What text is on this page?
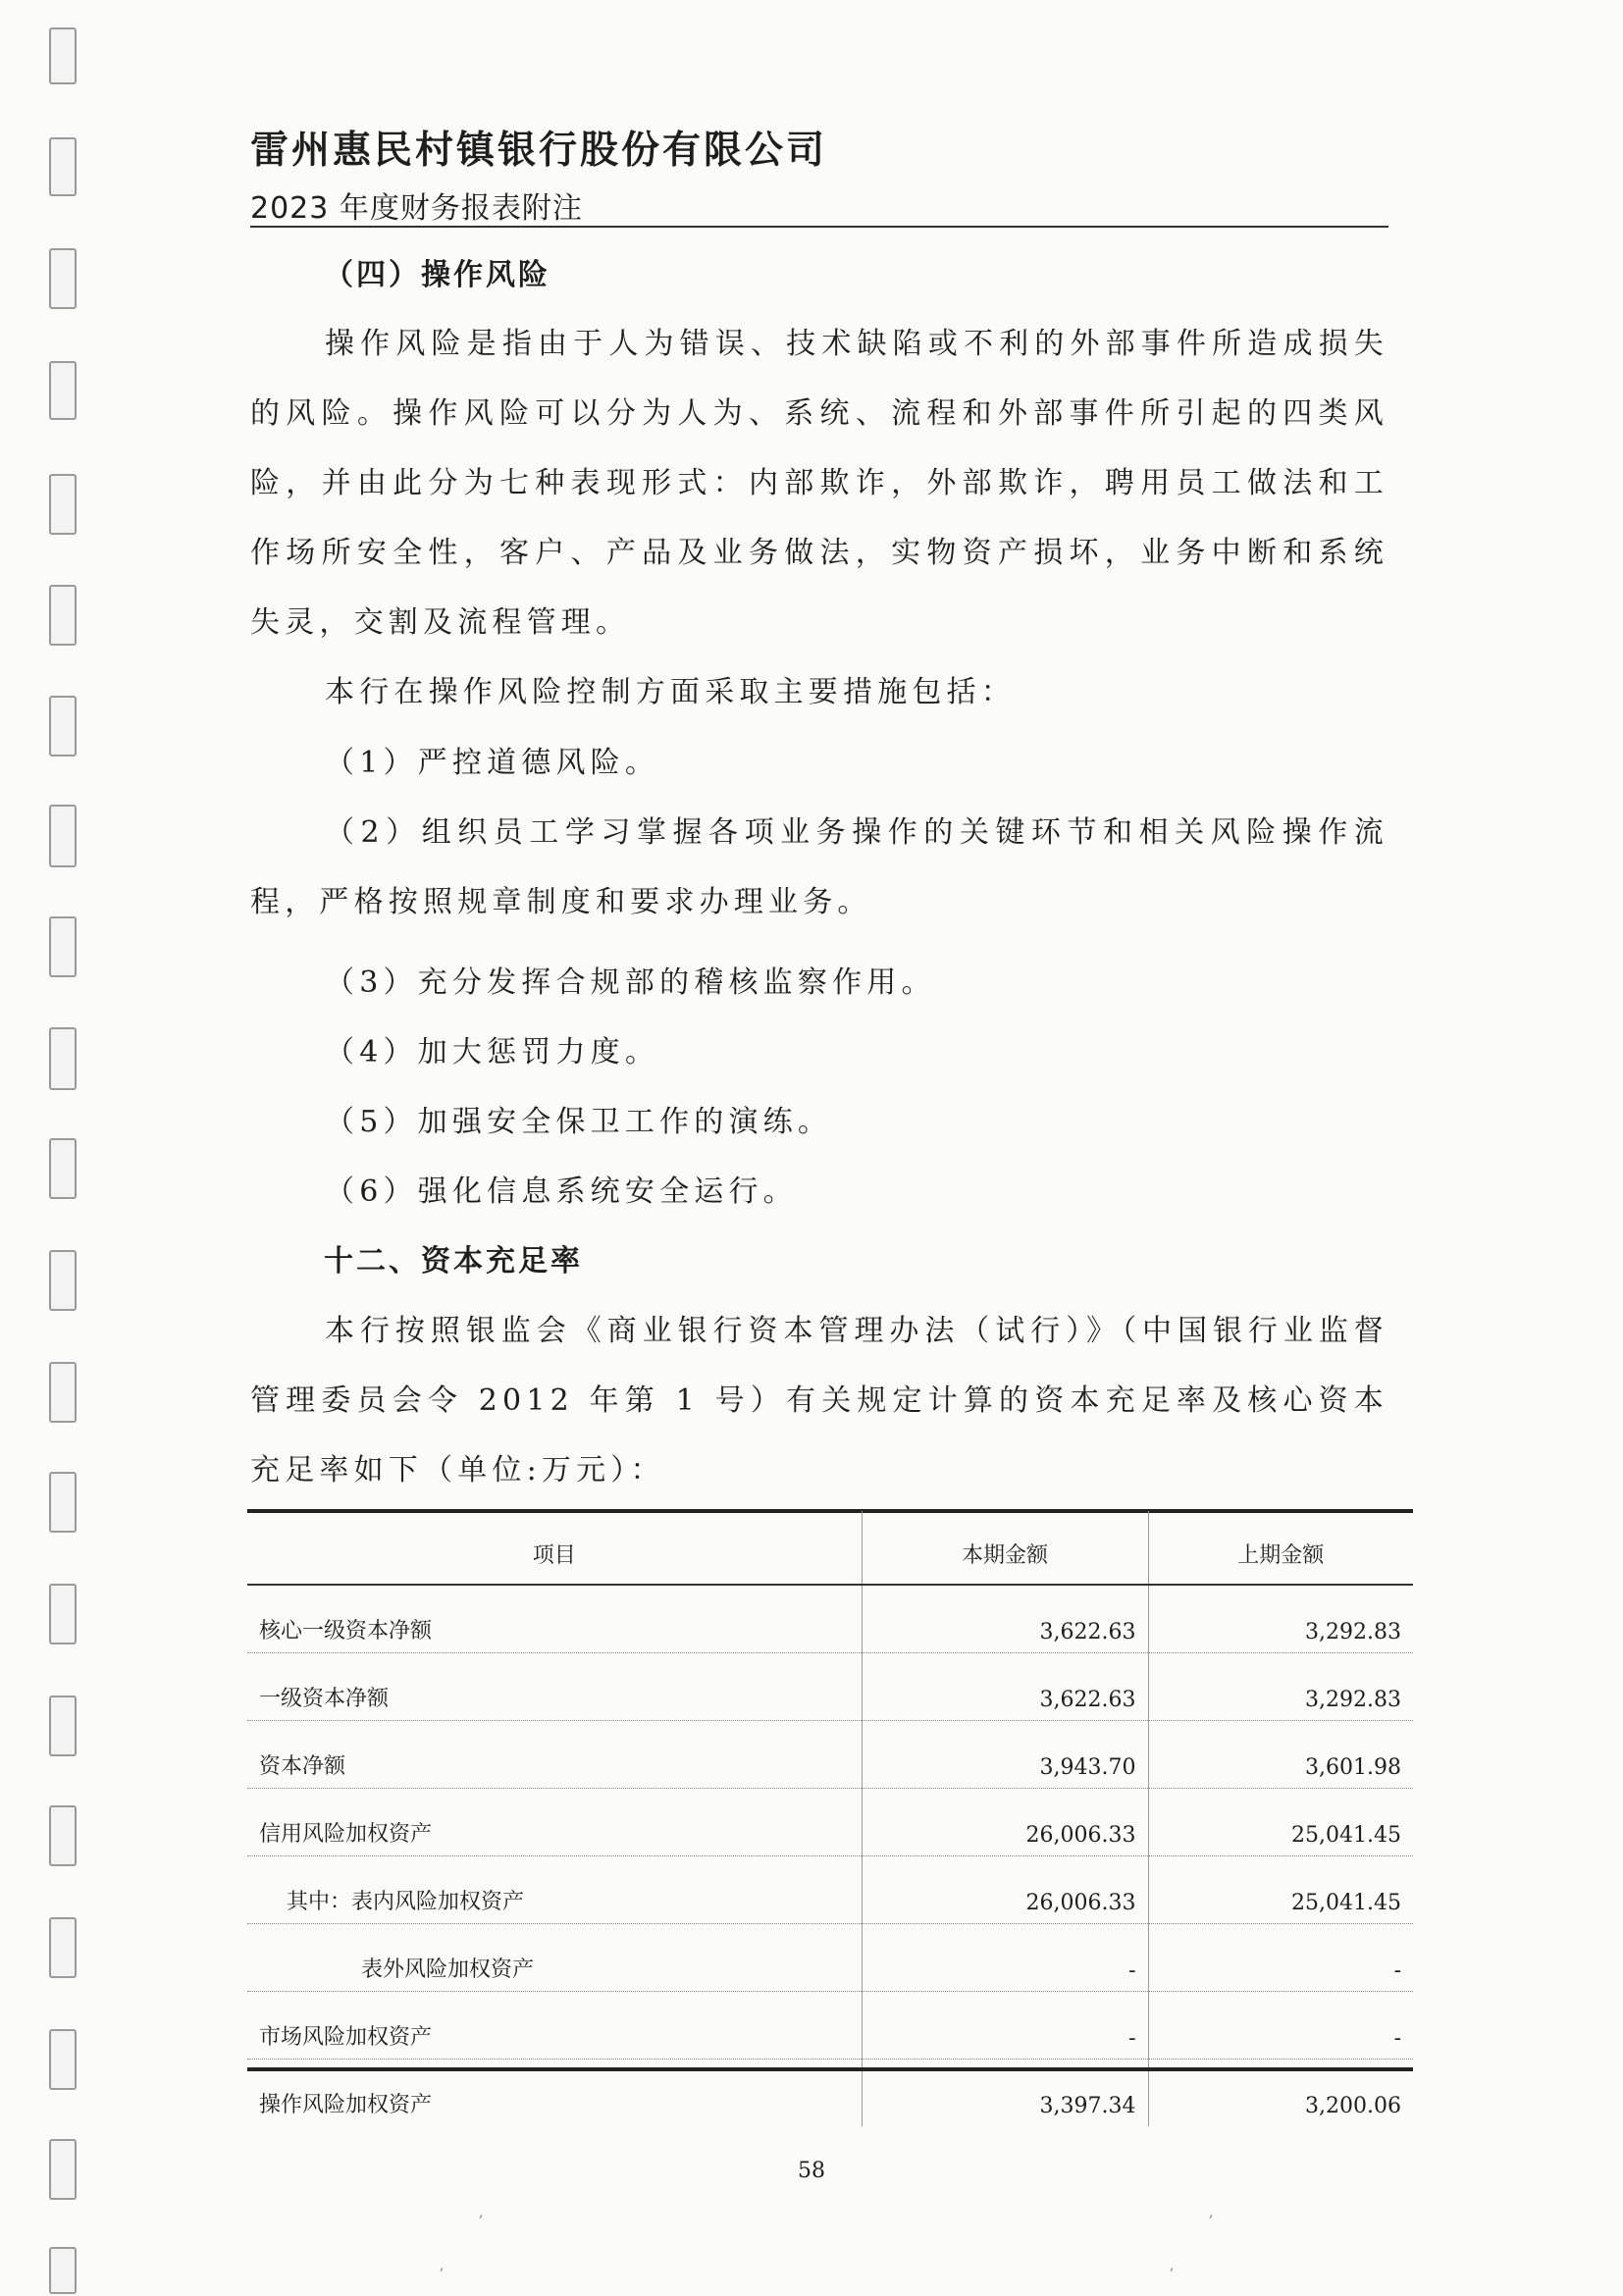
雷州惠民村镇银行股份有限公司
2023 年度财务报表附注

（四）操作风险

操作风险是指由于人为错误、技术缺陷或不利的外部事件所造成损失的风险。操作风险可以分为人为、系统、流程和外部事件所引起的四类风险，并由此分为七种表现形式：内部欺诈，外部欺诈，聘用员工做法和工作场所安全性，客户、产品及业务做法，实物资产损坏，业务中断和系统失灵，交割及流程管理。

本行在操作风险控制方面采取主要措施包括：

（1）严控道德风险。

（2）组织员工学习掌握各项业务操作的关键环节和相关风险操作流程，严格按照规章制度和要求办理业务。

（3）充分发挥合规部的稽核监察作用。

（4）加大惩罚力度。

（5）加强安全保卫工作的演练。

（6）强化信息系统安全运行。

十二、资本充足率

本行按照银监会《商业银行资本管理办法（试行）》（中国银行业监督管理委员会令 2012 年第 1 号）有关规定计算的资本充足率及核心资本充足率如下（单位:万元）：

项目	本期金额	上期金额
核心一级资本净额	3,622.63	3,292.83
一级资本净额	3,622.63	3,292.83
资本净额	3,943.70	3,601.98
信用风险加权资产	26,006.33	25,041.45
其中：表内风险加权资产	26,006.33	25,041.45
表外风险加权资产	-	-
市场风险加权资产	-	-
操作风险加权资产	3,397.34	3,200.06
58
,	,
,	,
